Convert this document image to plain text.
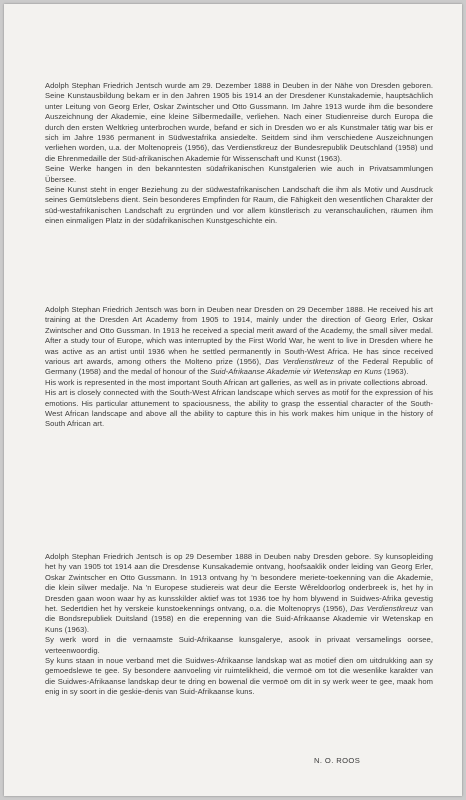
Adolph Stephan Friedrich Jentsch wurde am 29. Dezember 1888 in Deuben in der Nähe von Dresden geboren. Seine Kunstausbildung bekam er in den Jahren 1905 bis 1914 an der Dresdener Kunstakademie, hauptsächlich unter Leitung von Georg Erler, Oskar Zwintscher und Otto Gussmann. Im Jahre 1913 wurde ihm die besondere Auszeichnung der Akademie, eine kleine Silbermedaille, verliehen. Nach einer Studienreise durch Europa die durch den ersten Weltkrieg unterbrochen wurde, befand er sich in Dresden wo er als Kunstmaler tätig war bis er sich im Jahre 1936 permanent in Südwestafrika ansiedelte. Seitdem sind ihm verschiedene Auszeichnungen verliehen worden, u.a. der Moltenopreis (1956), das Verdienstkreuz der Bundesrepublik Deutschland (1958) und die Ehrenmedaille der Süd-afrikanischen Akademie für Wissenschaft und Kunst (1963).

Seine Werke hangen in den bekanntesten südafrikanischen Kunstgalerien wie auch in Privatsammlungen Übersee.

Seine Kunst steht in enger Beziehung zu der südwestafrikanischen Landschaft die ihm als Motiv und Ausdruck seines Gemütslebens dient. Sein besonderes Empfinden für Raum, die Fähigkeit den wesentlichen Charakter der süd-westafrikanischen Landschaft zu ergründen und vor allem künstlerisch zu veranschaulichen, räumen ihm einen einmaligen Platz in der südafrikanischen Kunstgeschichte ein.

Adolph Stephan Friedrich Jentsch was born in Deuben near Dresden on 29 December 1888. He received his art training at the Dresden Art Academy from 1905 to 1914, mainly under the direction of Georg Erler, Oskar Zwintscher and Otto Gussman. In 1913 he received a special merit award of the Academy, the small silver medal. After a study tour of Europe, which was interrupted by the First World War, he went to live in Dresden where he was active as an artist until 1936 when he settled permanently in South-West Africa. He has since received various art awards, among others the Molteno prize (1956), Das Verdienstkreuz of the Federal Republic of Germany (1958) and the medal of honour of the Suid-Afrikaanse Akademie vir Wetenskap en Kuns (1963).

His work is represented in the most important South African art galleries, as well as in private collections abroad.

His art is closely connected with the South-West African landscape which serves as motif for the expression of his emotions. His particular attunement to spaciousness, the ability to grasp the essential character of the South-West African landscape and above all the ability to capture this in his work makes him unique in the history of South African art.

Adolph Stephan Friedrich Jentsch is op 29 Desember 1888 in Deuben naby Dresden gebore. Sy kunsopleiding het hy van 1905 tot 1914 aan die Dresdense Kunsakademie ontvang, hoofsaaklik onder leiding van Georg Erler, Oskar Zwintscher en Otto Gussmann. In 1913 ontvang hy 'n besondere meriete-toekenning van die Akademie, die klein silwer medalje. Na 'n Europese studiereis wat deur die Eerste Wêreldoorlog onderbreek is, het hy in Dresden gaan woon waar hy as kunsskilder aktief was tot 1936 toe hy hom blywend in Suidwes-Afrika gevestig het. Sedertdien het hy verskeie kunstoekennings ontvang, o.a. die Moltenoprys (1956), Das Verdienstkreuz van die Bondsrepubliek Duitsland (1958) en die erepenning van die Suid-Afrikaanse Akademie vir Wetenskap en Kuns (1963).

Sy werk word in die vernaamste Suid-Afrikaanse kunsgalerye, asook in privaat versamelings oorsee, verteenwoordig.

Sy kuns staan in noue verband met die Suidwes-Afrikaanse landskap wat as motief dien om uitdrukking aan sy gemoedslewe te gee. Sy besondere aanvoeling vir ruimtelikheid, die vermoë om tot die wesenlike karakter van die Suidwes-Afrikaanse landskap deur te dring en bowenal die vermoë om dit in sy werk weer te gee, maak hom enig in sy soort in die geskie-denis van Suid-Afrikaanse kuns.

N. O. ROOS
